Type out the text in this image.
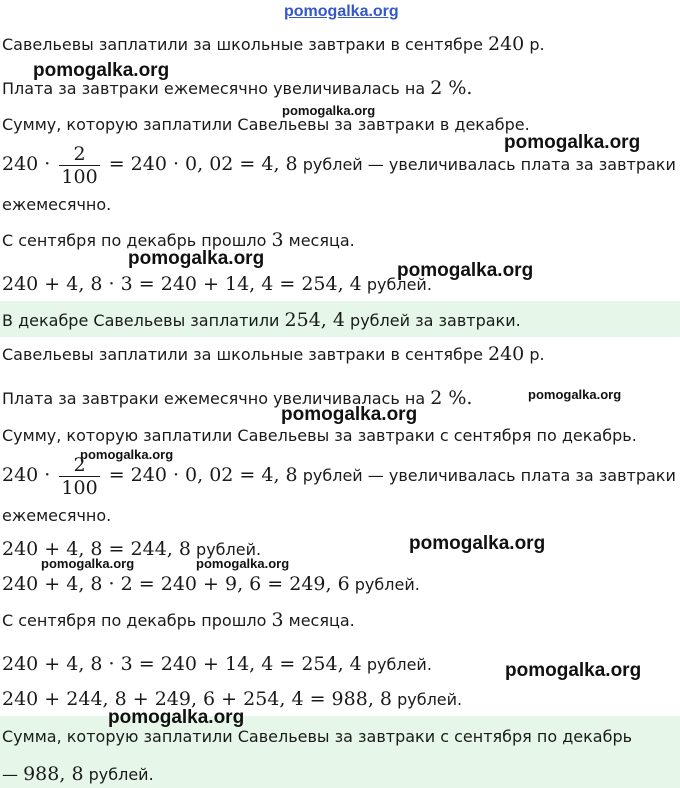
Савельевы заплатили за школьные завтраки в сентябре 240 р.
Плата за завтраки ежемесячно увеличивалась на 2 %.
Сумму, которую заплатили Савельевы за завтраки в декабре.
$240 \cdot \frac{2}{100} = 240 \cdot 0$, 02 = 4, 8 рублей — увеличивалась плата за завтраки
ежемесячно.
С сентября по декабрь прошло 3 месяца.
240 + 4, 8 · 3 = 240 + 14, 4 = 254, 4 рублей.
В декабре Савельевы заплатили 254, 4 рублей за завтраки.
Савельевы заплатили за школьные завтраки в сентябре 240 р.
Плата за завтраки ежемесячно увеличивалась на 2 %.
Сумму, которую заплатили Савельевы за завтраки с сентября по декабрь.
$240 \cdot \frac{2}{100} = 240 \cdot 0$, 02 = 4, 8 рублей — увеличивалась плата за завтраки
ежемесячно.
240 + 4, 8 = 244, 8 рублей.
240 + 4, 8 · 2 = 240 + 9, 6 = 249, 6 рублей.
С сентября по декабрь прошло 3 месяца.
240 + 4, 8 · 3 = 240 + 14, 4 = 254, 4 рублей.
240 + 244, 8 + 249, 6 + 254, 4 = 988, 8 рублей.
Сумма, которую заплатили Савельевы за завтраки с сентября по декабрь
— 988, 8 рублей.
pomogalka.org
pomogalka.org
pomogalka.org
pomogalka.org
pomogalka.org
pomogalka.org
pomogalka.org
pomogalka.org
pomogalka.org
pomogalka.org
pomogalka.org	pomogalka.org
pomogalka.org
pomogalka.org
